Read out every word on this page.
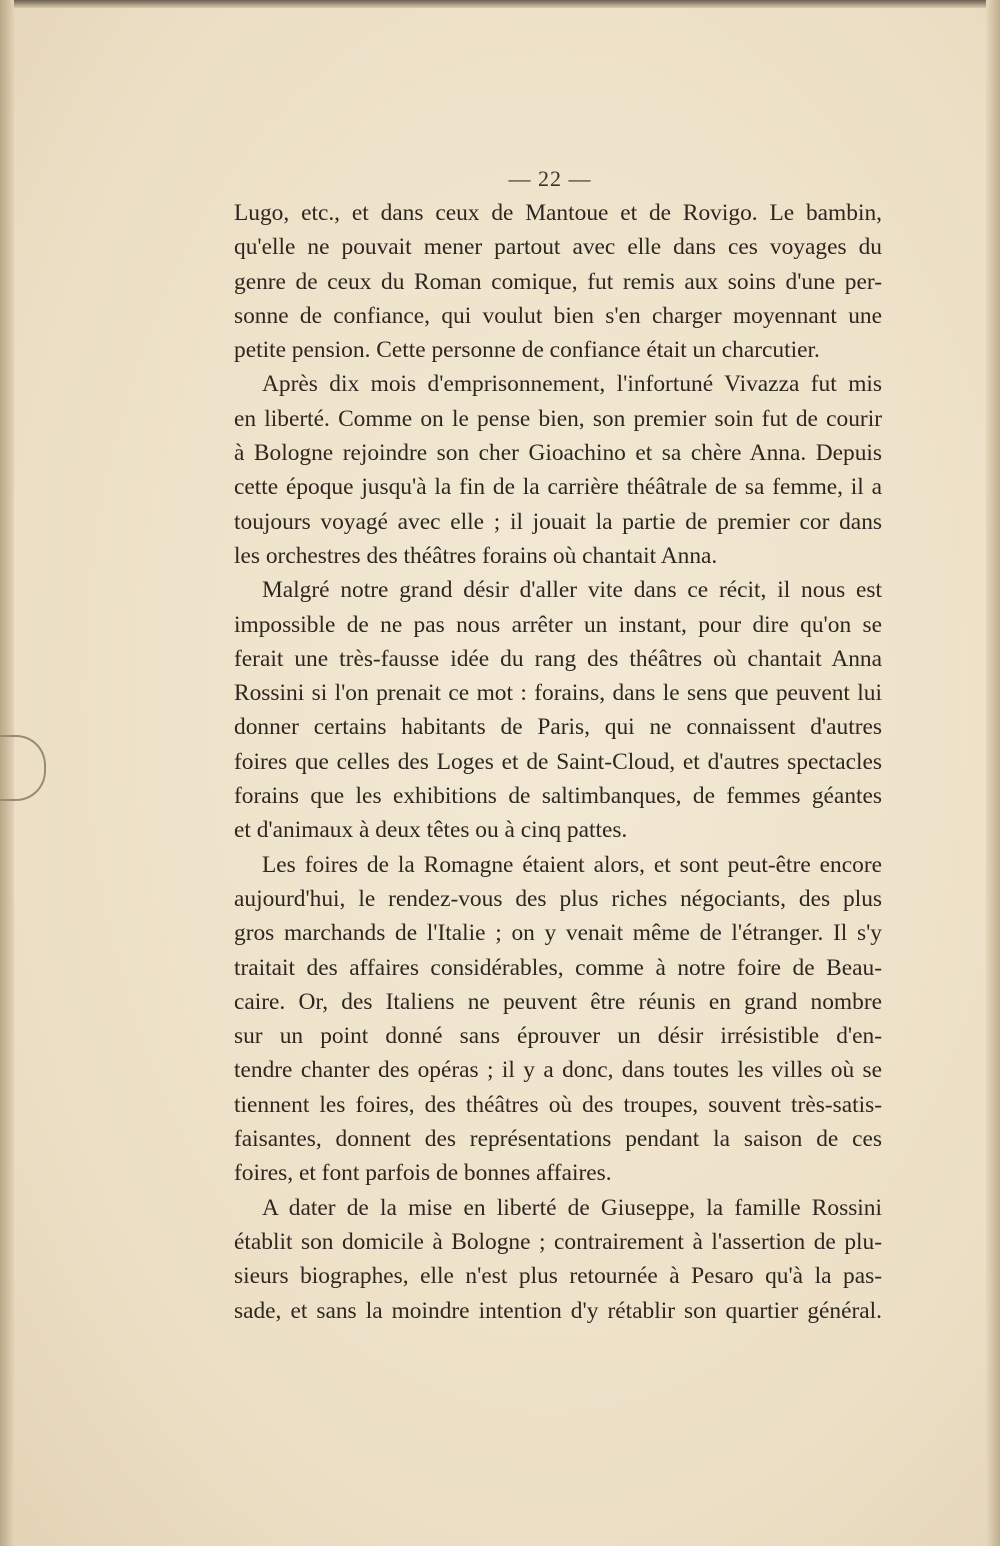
— 22 —
Lugo, etc., et dans ceux de Mantoue et de Rovigo. Le bambin,
qu'elle ne pouvait mener partout avec elle dans ces voyages du
genre de ceux du Roman comique, fut remis aux soins d'une per-
sonne de confiance, qui voulut bien s'en charger moyennant une
petite pension. Cette personne de confiance était un charcutier.
Après dix mois d'emprisonnement, l'infortuné Vivazza fut mis
en liberté. Comme on le pense bien, son premier soin fut de courir
à Bologne rejoindre son cher Gioachino et sa chère Anna. Depuis
cette époque jusqu'à la fin de la carrière théâtrale de sa femme, il a
toujours voyagé avec elle ; il jouait la partie de premier cor dans
les orchestres des théâtres forains où chantait Anna.
Malgré notre grand désir d'aller vite dans ce récit, il nous est
impossible de ne pas nous arrêter un instant, pour dire qu'on se
ferait une très-fausse idée du rang des théâtres où chantait Anna
Rossini si l'on prenait ce mot : forains, dans le sens que peuvent lui
donner certains habitants de Paris, qui ne connaissent d'autres
foires que celles des Loges et de Saint-Cloud, et d'autres spectacles
forains que les exhibitions de saltimbanques, de femmes géantes
et d'animaux à deux têtes ou à cinq pattes.
Les foires de la Romagne étaient alors, et sont peut-être encore
aujourd'hui, le rendez-vous des plus riches négociants, des plus
gros marchands de l'Italie ; on y venait même de l'étranger. Il s'y
traitait des affaires considérables, comme à notre foire de Beau-
caire. Or, des Italiens ne peuvent être réunis en grand nombre
sur un point donné sans éprouver un désir irrésistible d'en-
tendre chanter des opéras ; il y a donc, dans toutes les villes où se
tiennent les foires, des théâtres où des troupes, souvent très-satis-
faisantes, donnent des représentations pendant la saison de ces
foires, et font parfois de bonnes affaires.
A dater de la mise en liberté de Giuseppe, la famille Rossini
établit son domicile à Bologne ; contrairement à l'assertion de plu-
sieurs biographes, elle n'est plus retournée à Pesaro qu'à la pas-
sade, et sans la moindre intention d'y rétablir son quartier général.
